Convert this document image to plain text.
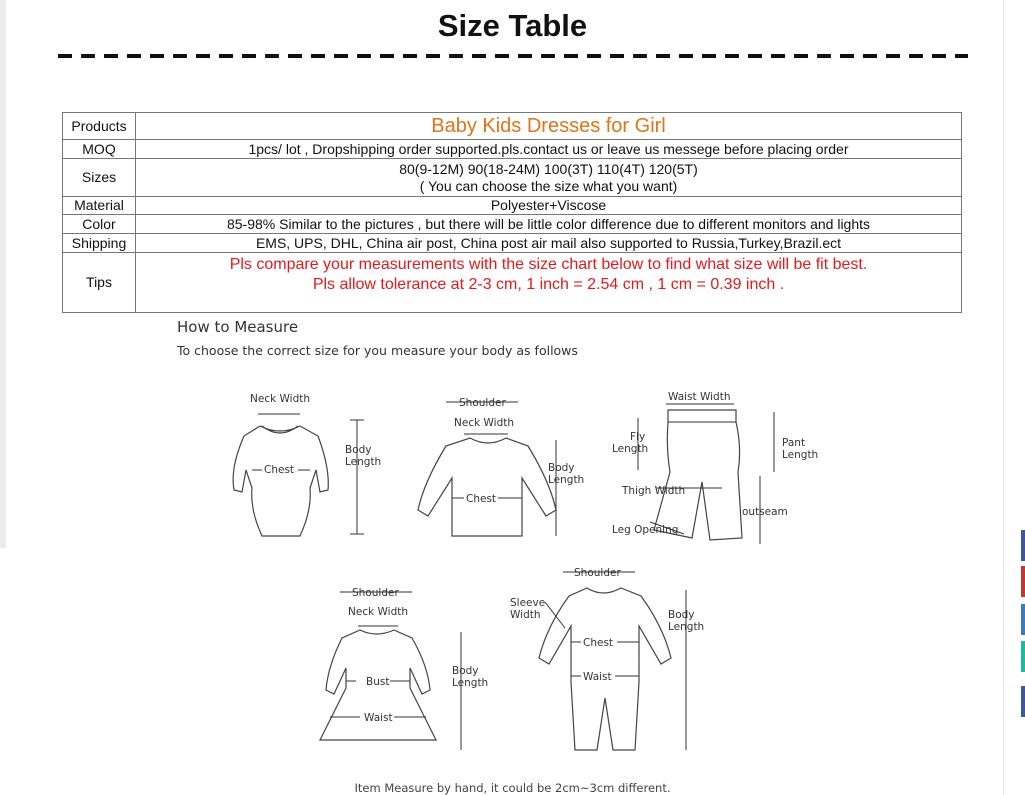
Size Table
Products	Baby Kids Dresses for Girl
MOQ	1pcs/ lot , Dropshipping order supported.pls.contact us or leave us messege before placing order
Sizes	80(9-12M) 90(18-24M) 100(3T) 110(4T) 120(5T)
( You can choose the size what you want)

Material	Polyester+Viscose
Color	85-98% Similar to the pictures , but there will be little color difference due to different monitors and lights
Shipping	EMS, UPS, DHL, China air post, China post air mail also supported to Russia,Turkey,Brazil.ect
Tips	Pls compare your measurements with the size chart below to find what size will be fit best.
Pls allow tolerance at 2-3 cm, 1 inch = 2.54 cm , 1 cm = 0.39 inch .
How to Measure
To choose the correct size for you measure your body as follows
Neck Width
Body
Length
Chest
Shoulder
Neck Width
Body
Length
Chest
Waist Width
Fly
Length	Pant
Length
Thigh Width
outseam
Leg Opening
Shoulder
Neck Width
Body
Length
Bust
Waist
Shoulder
Sleeve
Width	Body
Length
Chest
Waist
Item Measure by hand, it could be 2cm~3cm different.
